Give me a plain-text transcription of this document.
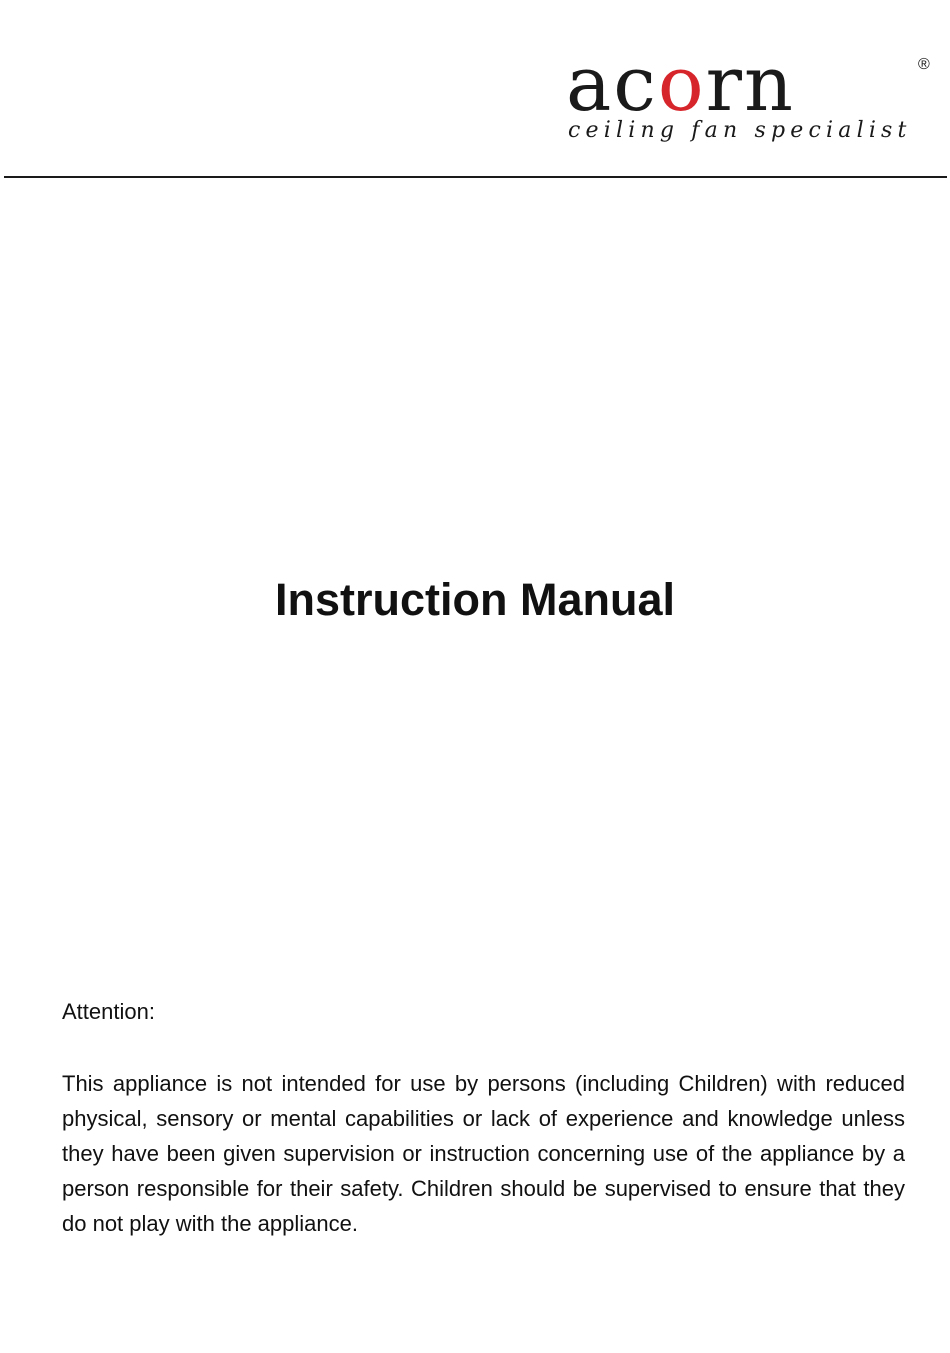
acorn	®
ceiling fan specialist
Instruction Manual

Attention:

This appliance is not intended for use by persons (including Children) with reduced physical, sensory or mental capabilities or lack of experience and knowledge unless they have been given supervision or instruction concerning use of the appliance by a person responsible for their safety. Children should be supervised to ensure that they do not play with the appliance.
